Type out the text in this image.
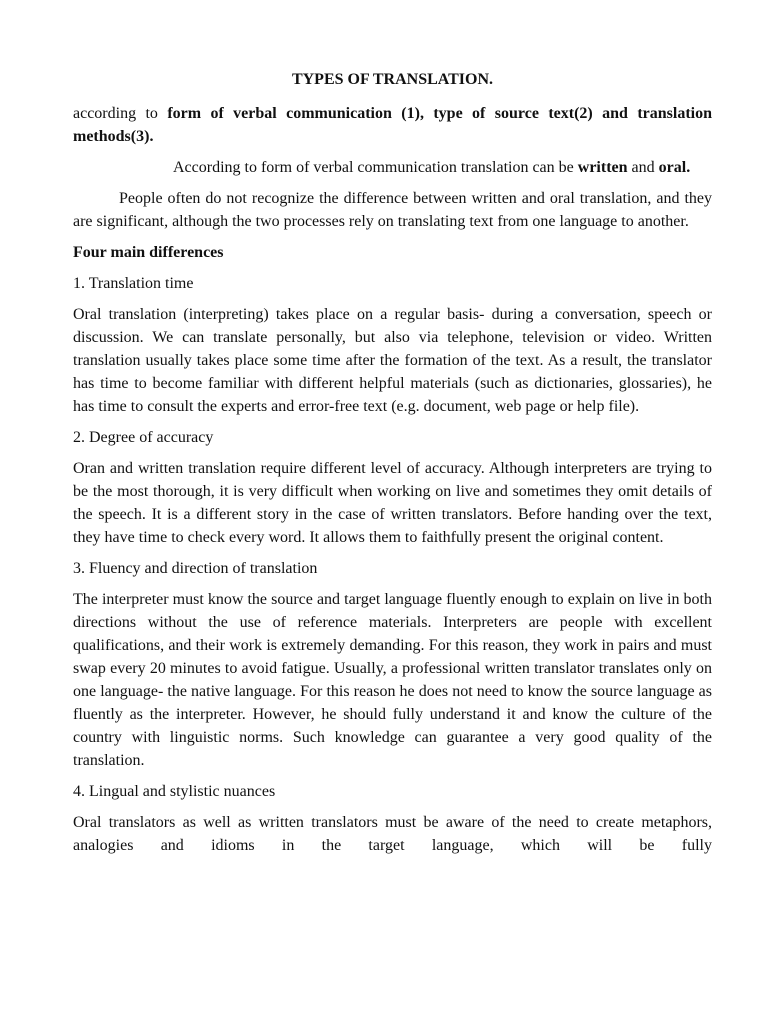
TYPES OF TRANSLATION.

according to form of verbal communication (1), type of source text(2) and translation methods(3).

According to form of verbal communication translation can be written and oral.

People often do not recognize the difference between written and oral translation, and they are significant, although the two processes rely on translating text from one language to another.

Four main differences

1. Translation time

Oral translation (interpreting) takes place on a regular basis- during a conversation, speech or discussion. We can translate personally, but also via telephone, television or video. Written translation usually takes place some time after the formation of the text. As a result, the translator has time to become familiar with different helpful materials (such as dictionaries, glossaries), he has time to consult the experts and error-free text (e.g. document, web page or help file).

2. Degree of accuracy

Oran and written translation require different level of accuracy. Although interpreters are trying to be the most thorough, it is very difficult when working on live and sometimes they omit details of the speech. It is a different story in the case of written translators. Before handing over the text, they have time to check every word. It allows them to faithfully present the original content.

3. Fluency and direction of translation

The interpreter must know the source and target language fluently enough to explain on live in both directions without the use of reference materials. Interpreters are people with excellent qualifications, and their work is extremely demanding. For this reason, they work in pairs and must swap every 20 minutes to avoid fatigue. Usually, a professional written translator translates only on one language- the native language. For this reason he does not need to know the source language as fluently as the interpreter. However, he should fully understand it and know the culture of the country with linguistic norms. Such knowledge can guarantee a very good quality of the translation.

4. Lingual and stylistic nuances

Oral translators as well as written translators must be aware of the need to create metaphors, analogies and idioms in the target language, which will be fully
